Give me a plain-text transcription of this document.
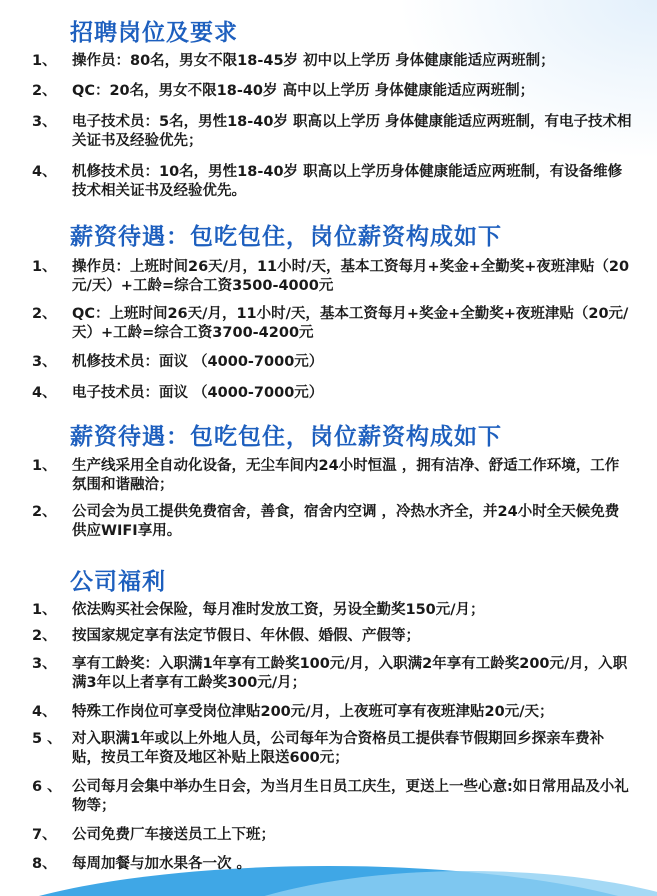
招聘岗位及要求
1、	操作员：80名，男女不限18-45岁 初中以上学历 身体健康能适应两班制；
2、	QC：20名，男女不限18-40岁 高中以上学历 身体健康能适应两班制；
3、	电子技术员：5名，男性18-40岁 职高以上学历 身体健康能适应两班制，有电子技术相关证书及经验优先；
4、	机修技术员：10名，男性18-40岁 职高以上学历身体健康能适应两班制，有设备维修技术相关证书及经验优先。
薪资待遇：包吃包住，岗位薪资构成如下
1、	操作员：上班时间26天/月，11小时/天，基本工资每月+奖金+全勤奖+夜班津贴（20元/天）+工龄=综合工资3500-4000元
2、	QC：上班时间26天/月，11小时/天，基本工资每月+奖金+全勤奖+夜班津贴（20元/天）+工龄=综合工资3700-4200元
3、	机修技术员：面议 （4000-7000元）
4、	电子技术员：面议 （4000-7000元）
薪资待遇：包吃包住，岗位薪资构成如下
1、	生产线采用全自动化设备，无尘车间内24小时恒温 ，拥有洁净、舒适工作环境，工作氛围和谐融洽；
2、	公司会为员工提供免费宿舍，善食，宿舍内空调 ，冷热水齐全，并24小时全天候免费供应WIFI享用。
公司福利
1、	依法购买社会保险，每月准时发放工资，另设全勤奖150元/月；
2、	按国家规定享有法定节假日、年休假、婚假、产假等；
3、	享有工龄奖：入职满1年享有工龄奖100元/月，入职满2年享有工龄奖200元/月，入职满3年以上者享有工龄奖300元/月；
4、	特殊工作岗位可享受岗位津贴200元/月，上夜班可享有夜班津贴20元/天；
5 、 对入职满1年或以上外地人员，公司每年为合资格员工提供春节假期回乡探亲车费补贴，按员工年资及地区补贴上限送600元；
6 、 公司每月会集中举办生日会，为当月生日员工庆生，更送上一些心意:如日常用品及小礼物等；
7、	公司免费厂车接送员工上下班；
8、	每周加餐与加水果各一次 。
